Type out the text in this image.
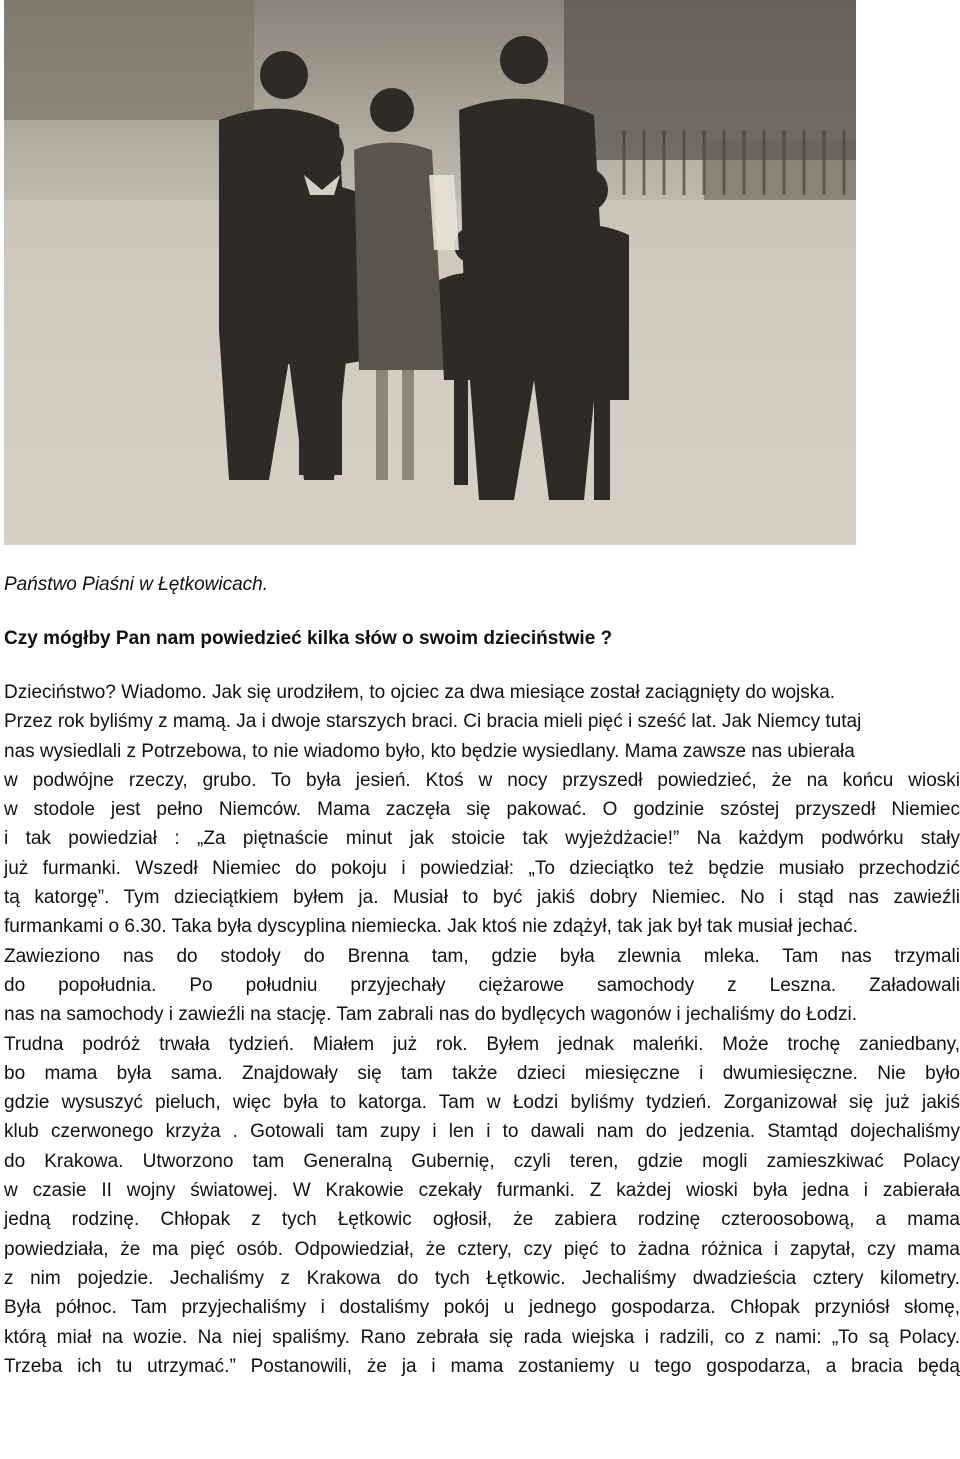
Państwo Piaśni w Łętkowicach.
Czy mógłby Pan nam powiedzieć kilka słów o swoim dzieciństwie ?
Dzieciństwo? Wiadomo. Jak się urodziłem, to ojciec za dwa miesiące został zaciągnięty do wojska.
Przez rok byliśmy z mamą. Ja i dwoje starszych braci. Ci bracia mieli pięć i sześć lat. Jak Niemcy tutaj
nas wysiedlali z Potrzebowa, to nie wiadomo było, kto będzie wysiedlany. Mama zawsze nas ubierała
w podwójne rzeczy, grubo. To była jesień. Ktoś w nocy przyszedł powiedzieć, że na końcu wioski
w stodole jest pełno Niemców. Mama zaczęła się pakować. O godzinie szóstej przyszedł Niemiec
i tak powiedział : „Za piętnaście minut jak stoicie tak wyjeżdżacie!” Na każdym podwórku stały
już furmanki. Wszedł Niemiec do pokoju i powiedział: „To dzieciątko też będzie musiało przechodzić
tą katorgę”. Tym dzieciątkiem byłem ja. Musiał to być jakiś dobry Niemiec. No i stąd nas zawieźli
furmankami o 6.30. Taka była dyscyplina niemiecka. Jak ktoś nie zdążył, tak jak był tak musiał jechać.
Zawieziono nas do stodoły do Brenna tam, gdzie była zlewnia mleka. Tam nas trzymali
do popołudnia. Po południu przyjechały ciężarowe samochody z Leszna. Załadowali
nas na samochody i zawieźli na stację. Tam zabrali nas do bydlęcych wagonów i jechaliśmy do Łodzi.
Trudna podróż trwała tydzień. Miałem już rok. Byłem jednak maleńki. Może trochę zaniedbany,
bo mama była sama. Znajdowały się tam także dzieci miesięczne i dwumiesięczne. Nie było
gdzie wysuszyć pieluch, więc była to katorga. Tam w Łodzi byliśmy tydzień. Zorganizował się już jakiś
klub czerwonego krzyża . Gotowali tam zupy i len i to dawali nam do jedzenia. Stamtąd dojechaliśmy
do Krakowa. Utworzono tam Generalną Gubernię, czyli teren, gdzie mogli zamieszkiwać Polacy
w czasie II wojny światowej. W Krakowie czekały furmanki. Z każdej wioski była jedna i zabierała
jedną rodzinę. Chłopak z tych Łętkowic ogłosił, że zabiera rodzinę czteroosobową, a mama
powiedziała, że ma pięć osób. Odpowiedział, że cztery, czy pięć to żadna różnica i zapytał, czy mama
z nim pojedzie. Jechaliśmy z Krakowa do tych Łętkowic. Jechaliśmy dwadzieścia cztery kilometry.
Była północ. Tam przyjechaliśmy i dostaliśmy pokój u jednego gospodarza. Chłopak przyniósł słomę,
którą miał na wozie. Na niej spaliśmy. Rano zebrała się rada wiejska i radzili, co z nami: „To są Polacy.
Trzeba ich tu utrzymać.” Postanowili, że ja i mama zostaniemy u tego gospodarza, a bracia będą
